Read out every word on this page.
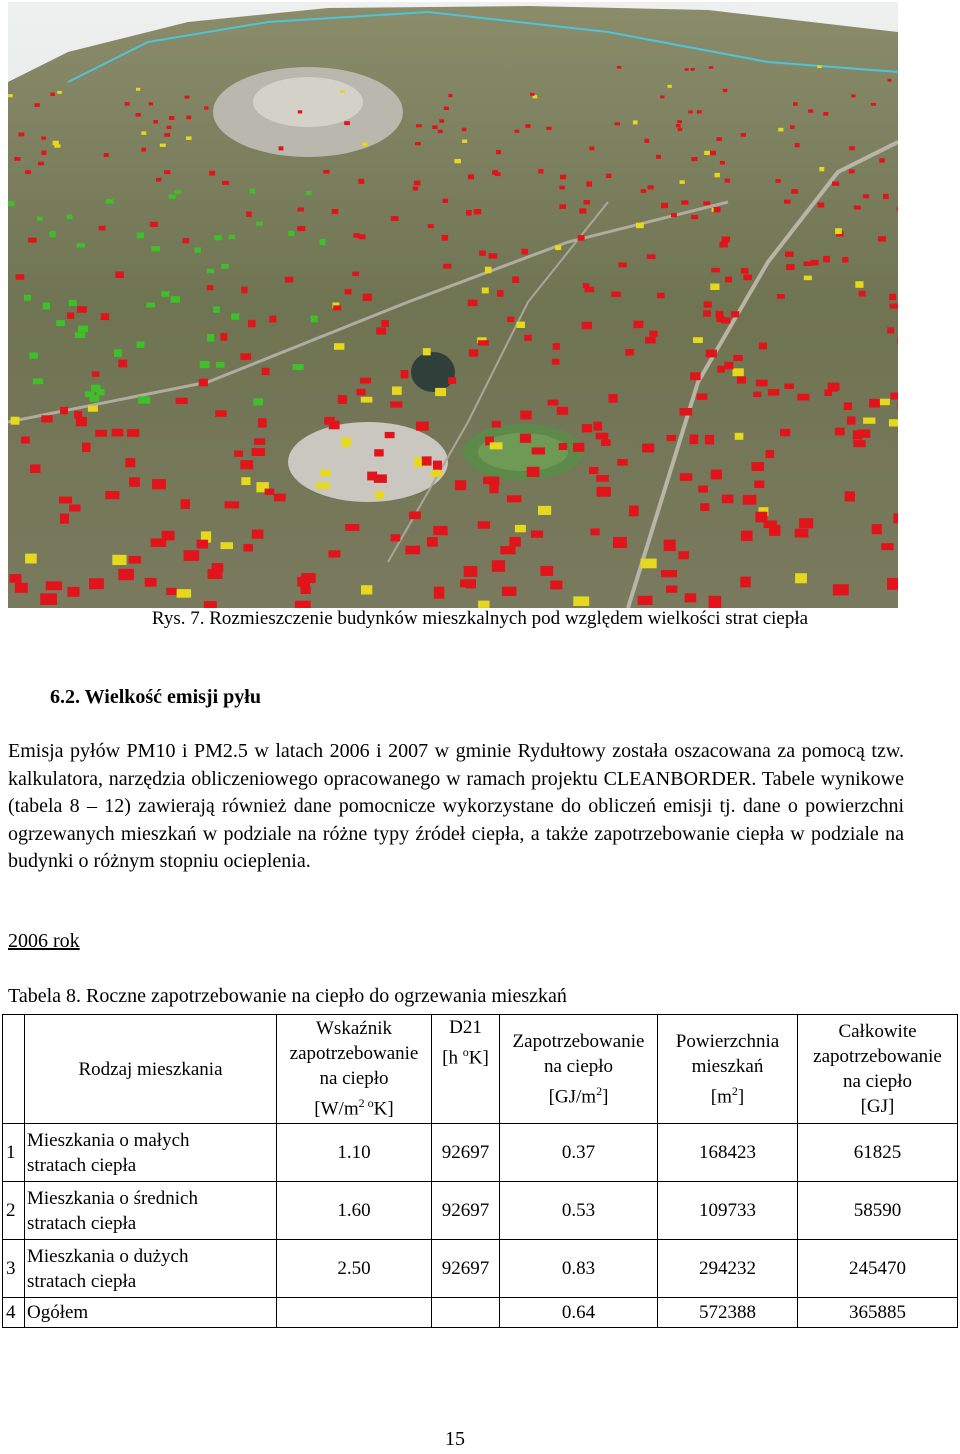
Rys. 7. Rozmieszczenie budynków mieszkalnych pod względem wielkości strat ciepła
6.2. Wielkość emisji pyłu

Emisja pyłów PM10 i PM2.5 w latach 2006 i 2007 w gminie Rydułtowy została oszacowana za pomocą tzw. kalkulatora, narzędzia obliczeniowego opracowanego w ramach projektu CLEANBORDER. Tabele wynikowe (tabela 8 – 12) zawierają również dane pomocnicze wykorzystane do obliczeń emisji tj. dane o powierzchni ogrzewanych mieszkań w podziale na różne typy źródeł ciepła, a także zapotrzebowanie ciepła w podziale na budynki o różnym stopniu ocieplenia.

2006 rok
Tabela 8. Roczne zapotrzebowanie na ciepło do ogrzewania mieszkań
	Rodzaj mieszkania	Wskaźnik
zapotrzebowanie
na ciepło
$[W/m^{2 o}K]$	D21
[h $^o$K]	Zapotrzebowanie
na ciepło
$[GJ/m^2]$	Powierzchnia
mieszkań
$[m^2]$	Całkowite
zapotrzebowanie
na ciepło
[GJ]
1	Mieszkania o małych
stratach ciepła	1.10	92697	0.37	168423	61825
2	Mieszkania o średnich
stratach ciepła	1.60	92697	0.53	109733	58590
3	Mieszkania o dużych
stratach ciepła	2.50	92697	0.83	294232	245470
4	Ogółem			0.64	572388	365885
15
